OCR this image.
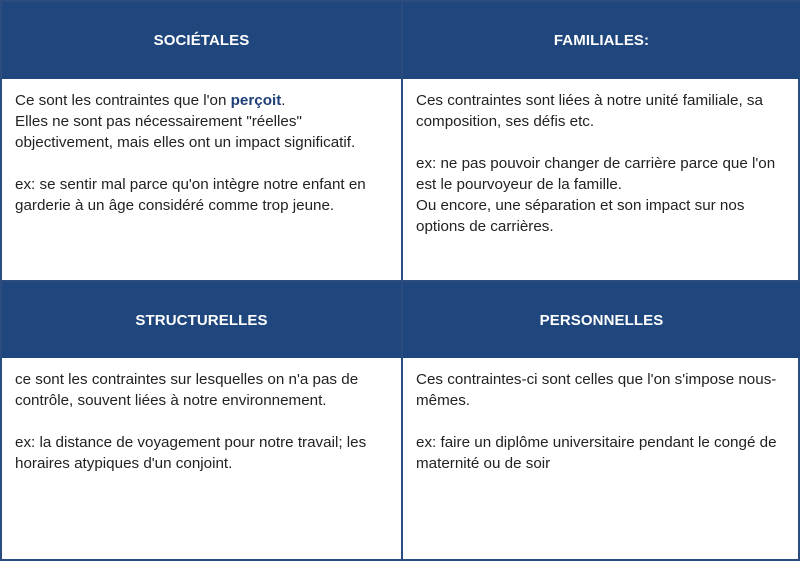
SOCIÉTALES	FAMILIALES:

Ce sont les contraintes que l'on perçoit.

Elles ne sont pas nécessairement "réelles" objectivement, mais elles ont un impact significatif.

ex: se sentir mal parce qu'on intègre notre enfant en garderie à un âge considéré comme trop jeune.

Ces contraintes sont liées à notre unité familiale, sa composition, ses défis etc.

ex: ne pas pouvoir changer de carrière parce que l'on est le pourvoyeur de la famille.

Ou encore, une séparation et son impact sur nos options de carrières.

STRUCTURELLES	PERSONNELLES

ce sont les contraintes sur lesquelles on n'a pas de contrôle, souvent liées à notre environnement.

ex: la distance de voyagement pour notre travail; les horaires atypiques d'un conjoint.

Ces contraintes-ci sont celles que l'on s'impose nous-mêmes.

ex: faire un diplôme universitaire pendant le congé de maternité ou de soir
